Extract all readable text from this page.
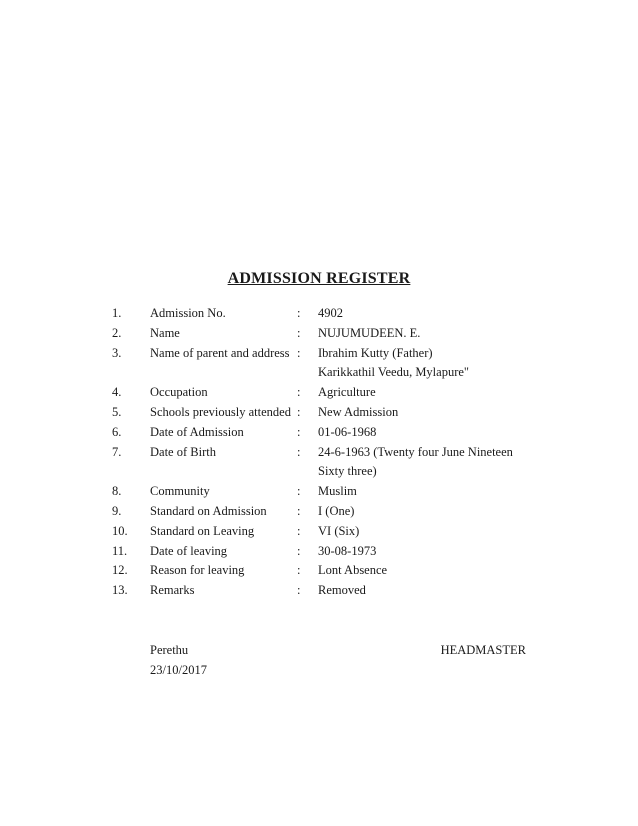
ADMISSION REGISTER
1. Admission No.	: 4902
2. Name	: NUJUMUDEEN. E.
3. Name of parent and address : Ibrahim Kutty (Father)
Karikkathil Veedu, Mylapure"
4. Occupation	: Agriculture
5. Schools previously attended : New Admission
6. Date of Admission	: 01-06-1968
7. Date of Birth	: 24-6-1963 (Twenty four June Nineteen
Sixty three)
8. Community	: Muslim
9. Standard on Admission : I (One)
10. Standard on Leaving	: VI (Six)
11. Date of leaving	: 30-08-1973
12. Reason for leaving	: Lont Absence
13. Remarks	: Removed
Perethu
23/10/2017
HEADMASTER
